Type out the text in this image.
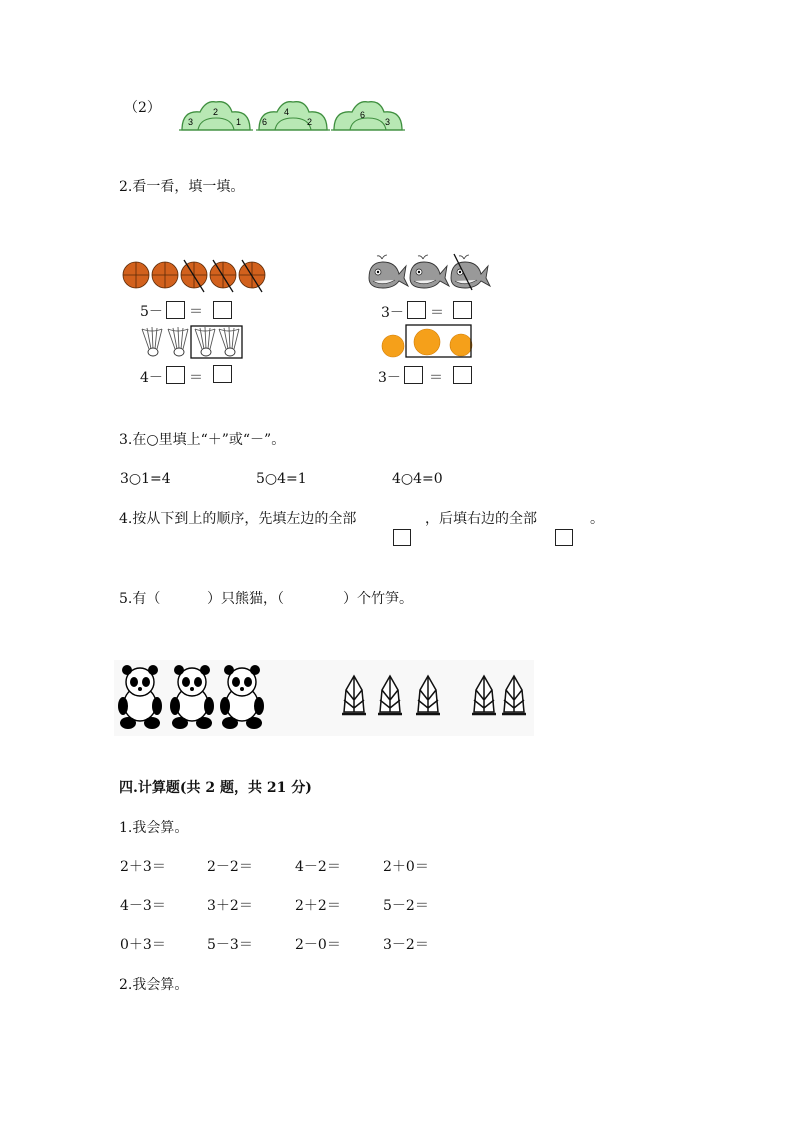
（2）
3
2
1 6
4
2
6
3
2.看一看，填一填。
5－ ＝
4－ ＝
3－ ＝
3－ ＝
3.在○里填上“＋”或“－”。
3○1=4	5○4=1	4○4=0
4.按从下到上的顺序，先填左边的全部	，后填右边的全部	。
5.有（	）只熊猫，（	）个竹笋。
四.计算题(共 2 题，共 21 分)
1.我会算。
2＋3＝	2－2＝	4－2＝	2＋0＝
4－3＝	3＋2＝	2＋2＝	5－2＝
0＋3＝	5－3＝	2－0＝	3－2＝
2.我会算。
